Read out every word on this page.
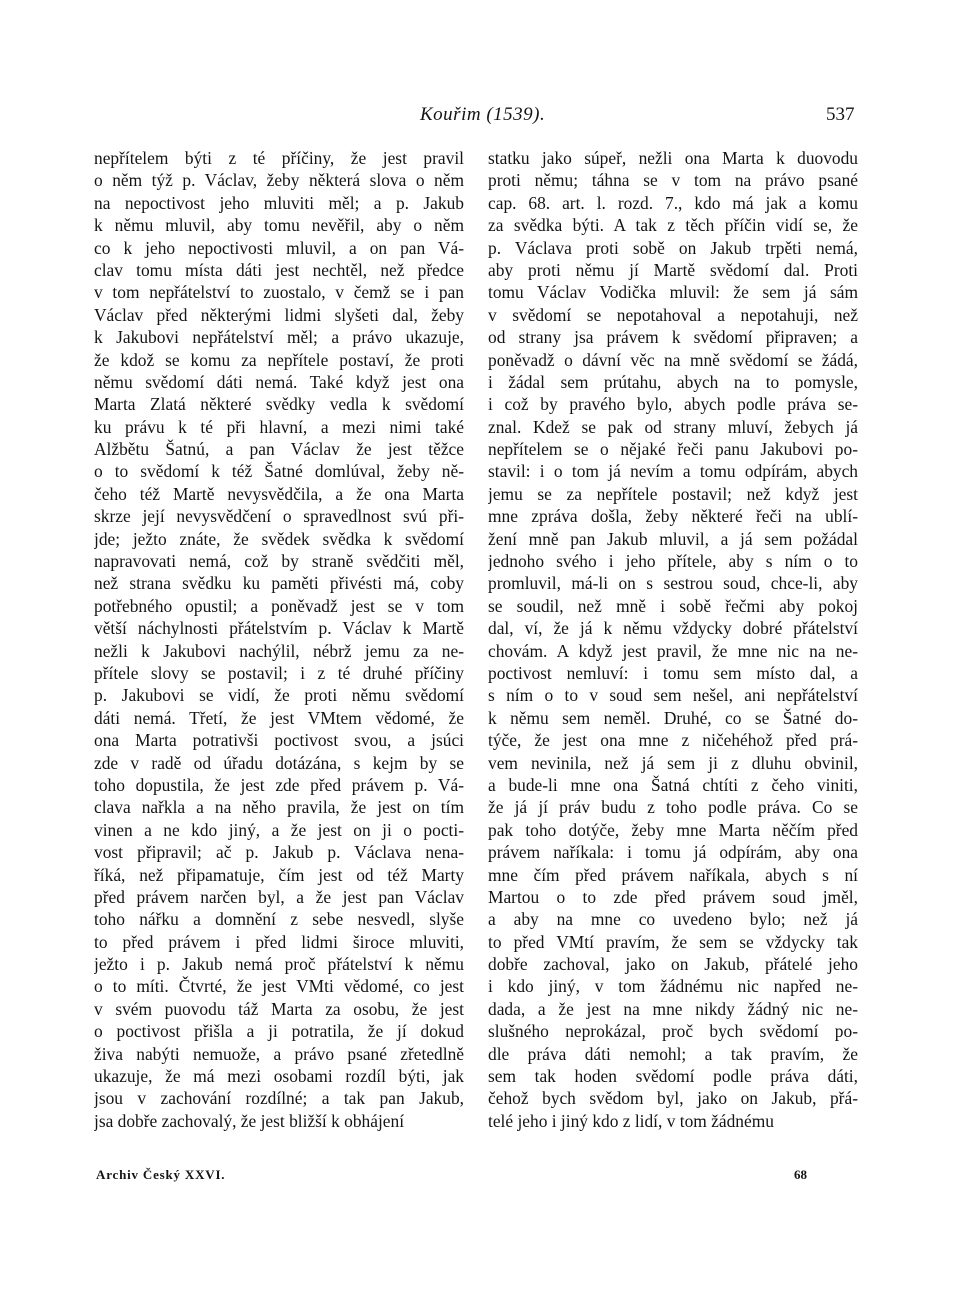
Kouřim (1539).	537
nepřítelem býti z té příčiny, že jest pravil
o něm týž p. Václav, žeby některá slova o něm
na nepoctivost jeho mluviti měl; a p. Jakub
k němu mluvil, aby tomu nevěřil, aby o něm
co k jeho nepoctivosti mluvil, a on pan Vá-
clav tomu místa dáti jest nechtěl, než předce
v tom nepřátelství to zuostalo, v čemž se i pan
Václav před některými lidmi slyšeti dal, žeby
k Jakubovi nepřátelství měl; a právo ukazuje,
že kdož se komu za nepřítele postaví, že proti
němu svědomí dáti nemá. Také když jest ona
Marta Zlatá některé svědky vedla k svědomí
ku právu k té při hlavní, a mezi nimi také
Alžbětu Šatnú, a pan Václav že jest těžce
o to svědomí k též Šatné domlúval, žeby ně-
čeho též Martě nevysvědčila, a že ona Marta
skrze její nevysvědčení o spravedlnost svú při-
jde; ježto znáte, že svědek svědka k svědomí
napravovati nemá, což by straně svědčiti měl,
než strana svědku ku paměti přivésti má, coby
potřebného opustil; a poněvadž jest se v tom
větší náchylnosti přátelstvím p. Václav k Martě
nežli k Jakubovi nachýlil, nébrž jemu za ne-
přítele slovy se postavil; i z té druhé příčiny
p. Jakubovi se vidí, že proti němu svědomí
dáti nemá. Třetí, že jest VMtem vědomé, že
ona Marta potrativši poctivost svou, a jsúci
zde v radě od úřadu dotázána, s kejm by se
toho dopustila, že jest zde před právem p. Vá-
clava nařkla a na něho pravila, že jest on tím
vinen a ne kdo jiný, a že jest on ji o pocti-
vost připravil; ač p. Jakub p. Václava nena-
říká, než připamatuje, čím jest od též Marty
před právem narčen byl, a že jest pan Václav
toho nářku a domnění z sebe nesvedl, slyše
to před právem i před lidmi široce mluviti,
ježto i p. Jakub nemá proč přátelství k němu
o to míti. Čtvrté, že jest VMti vědomé, co jest
v svém puovodu táž Marta za osobu, že jest
o poctivost přišla a ji potratila, že jí dokud
živa nabýti nemuože, a právo psané zřetedlně
ukazuje, že má mezi osobami rozdíl býti, jak
jsou v zachování rozdílné; a tak pan Jakub,
jsa dobře zachovalý, že jest bližší k obhájení
statku jako súpeř, nežli ona Marta k duovodu
proti němu; táhna se v tom na právo psané
cap. 68. art. l. rozd. 7., kdo má jak a komu
za svědka býti. A tak z těch příčin vidí se, že
p. Václava proti sobě on Jakub trpěti nemá,
aby proti němu jí Martě svědomí dal. Proti
tomu Václav Vodička mluvil: že sem já sám
v svědomí se nepotahoval a nepotahuji, než
od strany jsa právem k svědomí připraven; a
poněvadž o dávní věc na mně svědomí se žádá,
i žádal sem prútahu, abych na to pomysle,
i což by pravého bylo, abych podle práva se-
znal. Kdež se pak od strany mluví, žebych já
nepřítelem se o nějaké řeči panu Jakubovi po-
stavil: i o tom já nevím a tomu odpírám, abych
jemu se za nepřítele postavil; než když jest
mne zpráva došla, žeby některé řeči na ublí-
žení mně pan Jakub mluvil, a já sem požádal
jednoho svého i jeho přítele, aby s ním o to
promluvil, má-li on s sestrou soud, chce-li, aby
se soudil, než mně i sobě řečmi aby pokoj
dal, ví, že já k němu vždycky dobré přátelství
chovám. A když jest pravil, že mne nic na ne-
poctivost nemluví: i tomu sem místo dal, a
s ním o to v soud sem nešel, ani nepřátelství
k němu sem neměl. Druhé, co se Šatné do-
týče, že jest ona mne z ničehéhož před prá-
vem nevinila, než já sem ji z dluhu obvinil,
a bude-li mne ona Šatná chtíti z čeho viniti,
že já jí práv budu z toho podle práva. Co se
pak toho dotýče, žeby mne Marta něčím před
právem naříkala: i tomu já odpírám, aby ona
mne čím před právem naříkala, abych s ní
Martou o to zde před právem soud jměl,
a aby na mne co uvedeno bylo; než já
to před VMtí pravím, že sem se vždycky tak
dobře zachoval, jako on Jakub, přátelé jeho
i kdo jiný, v tom žádnému nic napřed ne-
dada, a že jest na mne nikdy žádný nic ne-
slušného neprokázal, proč bych svědomí po-
dle práva dáti nemohl; a tak pravím, že
sem tak hoden svědomí podle práva dáti,
čehož bych svědom byl, jako on Jakub, přá-
telé jeho i jiný kdo z lidí, v tom žádnému
Archiv Český XXVI.	68
